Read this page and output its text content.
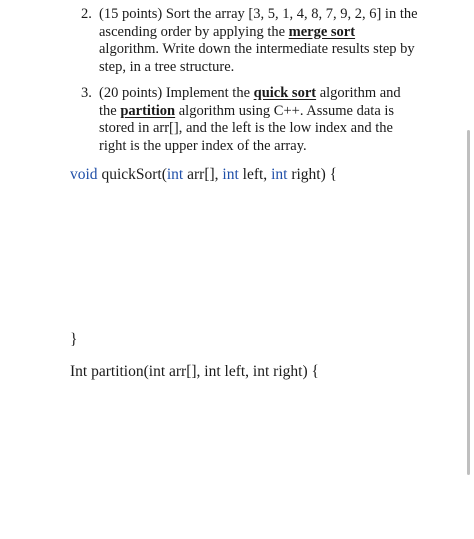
2. (15 points) Sort the array [3, 5, 1, 4, 8, 7, 9, 2, 6] in the
ascending order by applying the merge sort
algorithm. Write down the intermediate results step by
step, in a tree structure.
3. (20 points) Implement the quick sort algorithm and
the partition algorithm using C++. Assume data is
stored in arr[], and the left is the low index and the
right is the upper index of the array.
void quickSort(int arr[], int left, int right) {
}
Int partition(int arr[], int left, int right) {
